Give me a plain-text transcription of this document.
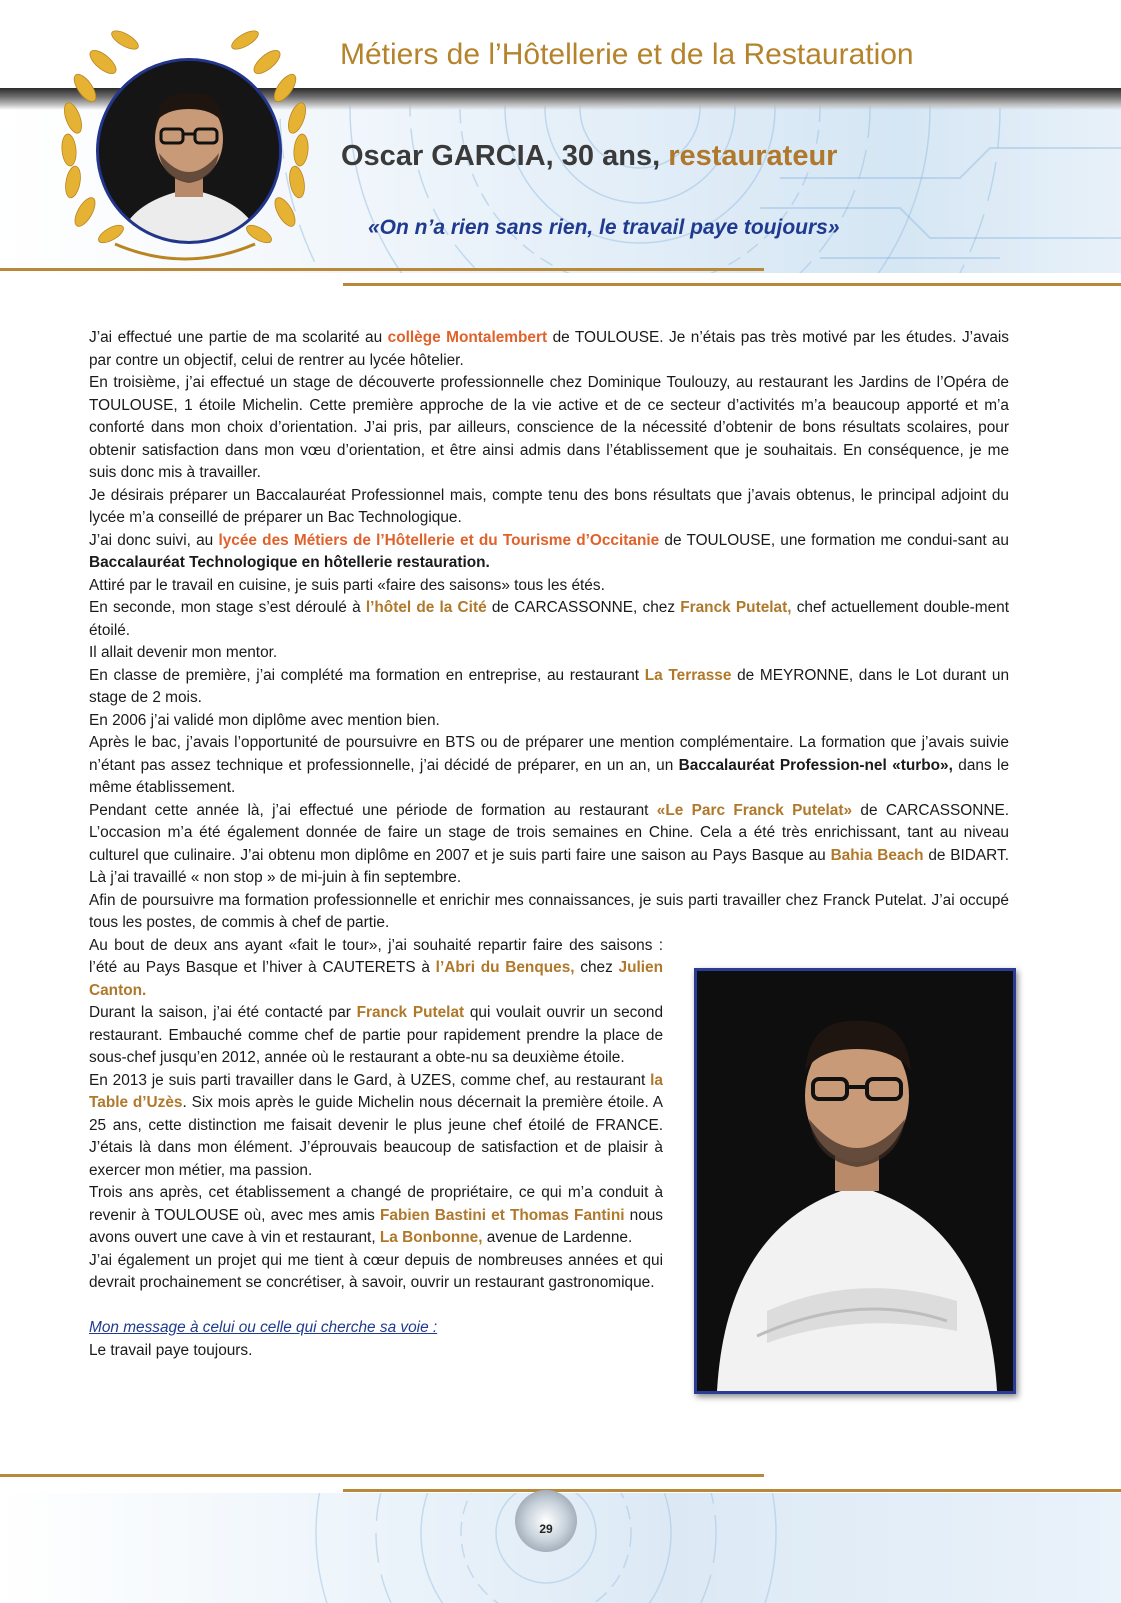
Métiers de l’Hôtellerie et de la Restauration
Oscar GARCIA, 30 ans, restaurateur
«On n’a rien sans rien, le travail paye toujours»

J’ai effectué une partie de ma scolarité au collège Montalembert de TOULOUSE. Je n’étais pas très motivé par les études. J’avais par contre un objectif, celui de rentrer au lycée hôtelier.

En troisième, j’ai effectué un stage de découverte professionnelle chez Dominique Toulouzy, au restaurant les Jardins de l’Opéra de TOULOUSE, 1 étoile Michelin. Cette première approche de la vie active et de ce secteur d’activités m’a beaucoup apporté et m’a conforté dans mon choix d’orientation. J’ai pris, par ailleurs, conscience de la nécessité d’obtenir de bons résultats scolaires, pour obtenir satisfaction dans mon vœu d’orientation, et être ainsi admis dans l’établissement que je souhaitais. En conséquence, je me suis donc mis à travailler.

Je désirais préparer un Baccalauréat Professionnel mais, compte tenu des bons résultats que j’avais obtenus, le principal adjoint du lycée m’a conseillé de préparer un Bac Technologique.

J’ai donc suivi, au lycée des Métiers de l’Hôtellerie et du Tourisme d’Occitanie de TOULOUSE, une formation me condui-sant au Baccalauréat Technologique en hôtellerie restauration.

Attiré par le travail en cuisine, je suis parti «faire des saisons» tous les étés.

En seconde, mon stage s’est déroulé à l’hôtel de la Cité de CARCASSONNE, chez Franck Putelat, chef actuellement double-ment étoilé.

Il allait devenir mon mentor.

En classe de première, j’ai complété ma formation en entreprise, au restaurant La Terrasse de MEYRONNE, dans le Lot durant un stage de 2 mois.

En 2006 j’ai validé mon diplôme avec mention bien.

Après le bac, j’avais l’opportunité de poursuivre en BTS ou de préparer une mention complémentaire. La formation que j’avais suivie n’étant pas assez technique et professionnelle, j’ai décidé de préparer, en un an, un Baccalauréat Profession-nel «turbo», dans le même établissement.

Pendant cette année là, j’ai effectué une période de formation au restaurant «Le Parc Franck Putelat» de CARCASSONNE. L’occasion m’a été également donnée de faire un stage de trois semaines en Chine. Cela a été très enrichissant, tant au niveau culturel que culinaire. J’ai obtenu mon diplôme en 2007 et je suis parti faire une saison au Pays Basque au Bahia Beach de BIDART. Là j’ai travaillé « non stop » de mi-juin à fin septembre.

Afin de poursuivre ma formation professionnelle et enrichir mes connaissances, je suis parti travailler chez Franck Putelat. J’ai occupé tous les postes, de commis à chef de partie.

Au bout de deux ans ayant «fait le tour», j’ai souhaité repartir faire des saisons : l’été au Pays Basque et l’hiver à CAUTERETS à l’Abri du Benques, chez Julien Canton.

Durant la saison, j’ai été contacté par Franck Putelat qui voulait ouvrir un second restaurant. Embauché comme chef de partie pour rapidement prendre la place de sous-chef jusqu’en 2012, année où le restaurant a obte-nu sa deuxième étoile.

En 2013 je suis parti travailler dans le Gard, à UZES, comme chef, au restaurant la Table d’Uzès. Six mois après le guide Michelin nous décernait la première étoile. A 25 ans, cette distinction me faisait devenir le plus jeune chef étoilé de FRANCE. J’étais là dans mon élément. J’éprouvais beaucoup de satisfaction et de plaisir à exercer mon métier, ma passion.

Trois ans après, cet établissement a changé de propriétaire, ce qui m’a conduit à revenir à TOULOUSE où, avec mes amis Fabien Bastini et Thomas Fantini nous avons ouvert une cave à vin et restaurant, La Bonbonne, avenue de Lardenne.

J’ai également un projet qui me tient à cœur depuis de nombreuses années et qui devrait prochainement se concrétiser, à savoir, ouvrir un restaurant gastronomique.

Mon message à celui ou celle qui cherche sa voie :

Le travail paye toujours.

29
